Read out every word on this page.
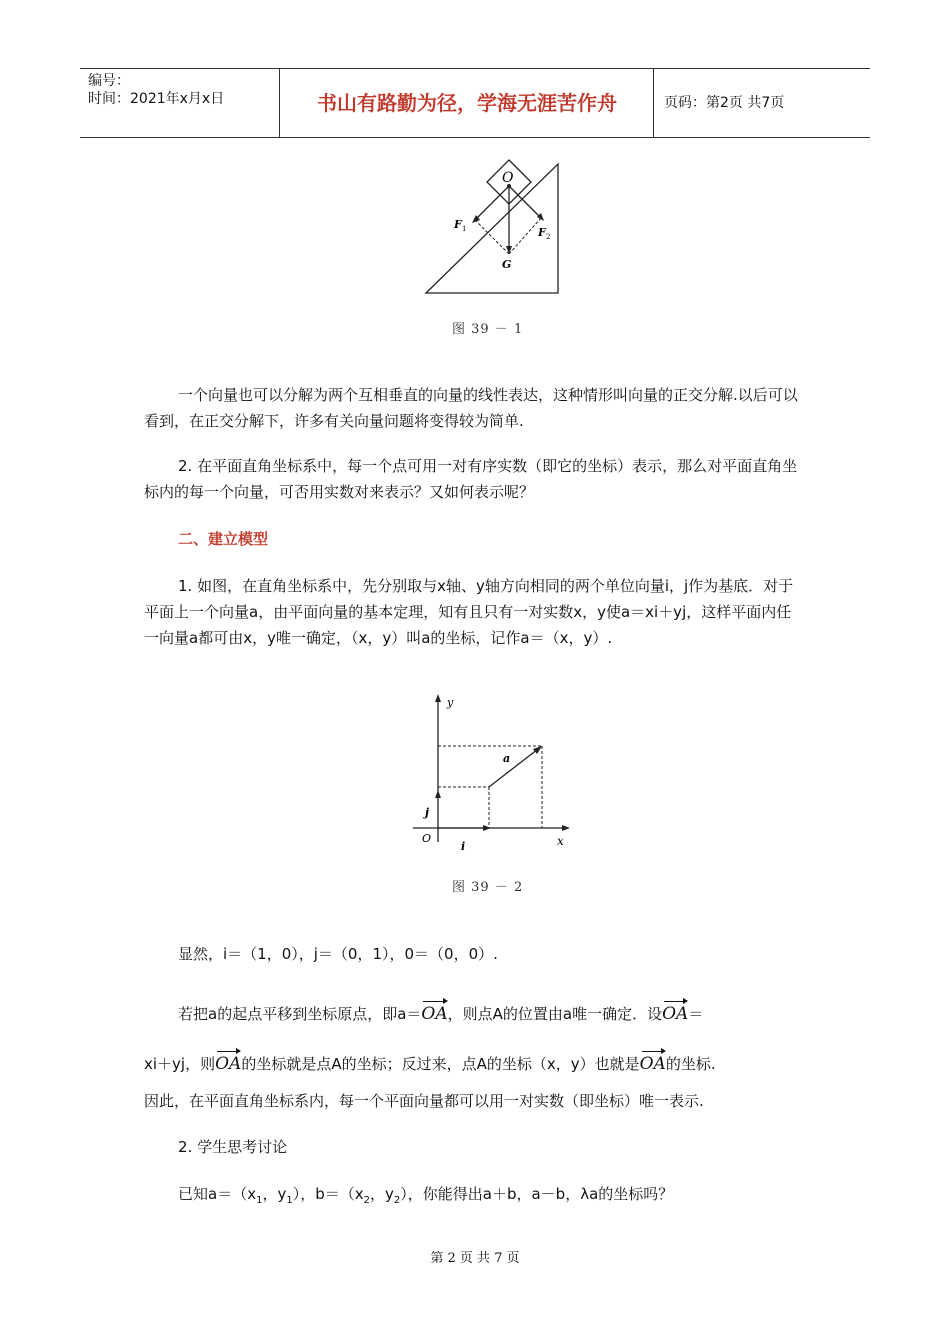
编号：
时间：2021年x月x日	书山有路勤为径，学海无涯苦作舟	页码：第2页 共7页
O
F 1	F 2
G
图 39 － 1
一个向量也可以分解为两个互相垂直的向量的线性表达，这种情形叫向量的正交分解.以后可以看到，在正交分解下，许多有关向量问题将变得较为简单.
2. 在平面直角坐标系中，每一个点可用一对有序实数（即它的坐标）表示，那么对平面直角坐标内的每一个向量，可否用实数对来表示？又如何表示呢？
二、建立模型
1. 如图，在直角坐标系中，先分别取与x轴、y轴方向相同的两个单位向量i，j作为基底．对于平面上一个向量a，由平面向量的基本定理，知有且只有一对实数x，y使a＝xi＋yj，这样平面内任一向量a都可由x，y唯一确定，（x，y）叫a的坐标，记作a＝（x，y）.
y
x
O
i
j
a
图 39 － 2
显然，i＝（1，0），j＝（0，1），0＝（0，0）.
若把a的起点平移到坐标原点，即a＝OA，则点A的位置由a唯一确定．设OA＝
xi＋yj，则OA的坐标就是点A的坐标；反过来，点A的坐标（x，y）也就是OA的坐标.
因此，在平面直角坐标系内，每一个平面向量都可以用一对实数（即坐标）唯一表示.
2. 学生思考讨论
已知$a=(x_1$，$y_1$），$b=(x_2$，$y_2$），你能得出a＋b，a－b，λa的坐标吗？
第 2 页 共 7 页
